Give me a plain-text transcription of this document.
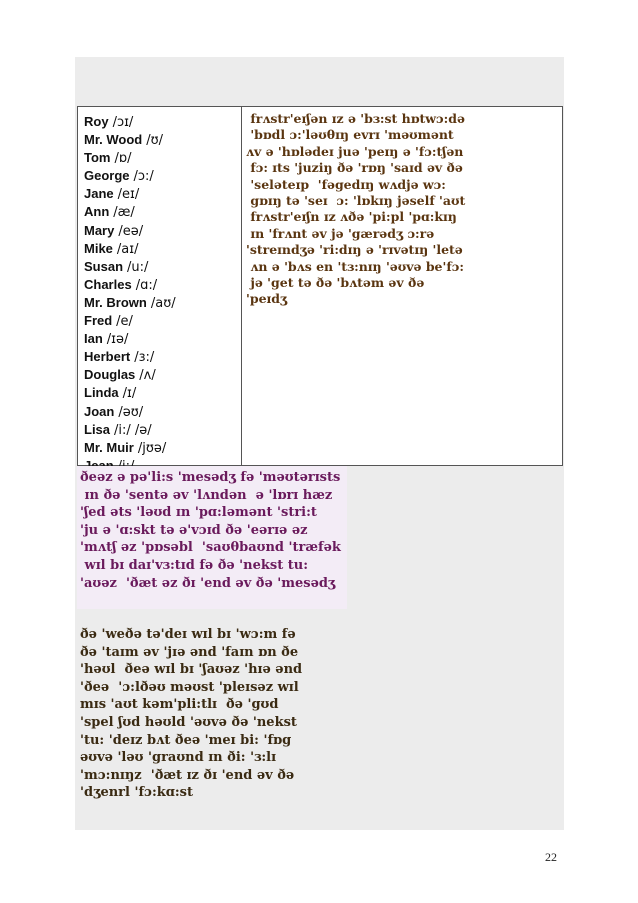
Roy /ɔɪ/
Mr. Wood /ʊ/
Tom /ɒ/
George /ɔ:/
Jane /eɪ/
Ann /æ/
Mary /eə/
Mike /aɪ/
Susan /u:/
Charles /ɑ:/
Mr. Brown /aʊ/
Fred /e/
Ian /ɪə/
Herbert /ɜ:/
Douglas /ʌ/
Linda /ɪ/
Joan /əʊ/
Lisa /i:/ /ə/
Mr. Muir /jʊə/
frʌstr'eɪʃən ɪz ə 'bɜ:st hɒtwɔ:də
'bɒdl ɔ:'ləʊθɪŋ evrɪ 'məʊmənt
ʌv ə 'hɒlədeɪ juə 'peɪŋ ə 'fɔ:tʃən
fɔ: ɪts 'juziŋ ðə 'rɒŋ 'saɪd əv ðə
'seləteɪp  'fəgedɪŋ wʌdjə wɔ:
gɒɪŋ tə 'seɪ  ɔ: 'lɒkɪŋ jəself 'aʊt
frʌstr'eɪʃn ɪz ʌðə 'pi:pl 'pɑ:kɪŋ
ɪn 'frʌnt əv jə 'gærədʒ ɔ:rə
'streɪndʒə 'ri:dɪŋ ə 'rɪvətɪŋ 'letə
ʌn ə 'bʌs en 'tɜ:nɪŋ 'əʊvə be'fɔ:
jə 'get tə ðə 'bʌtəm əv ðə
'peɪdʒ
ðeəz ə pə'li:s 'mesədʒ fə 'məʊtərɪsts
ɪn ðə 'sentə əv 'lʌndən  ə 'lɒrɪ hæz
'ʃed əts 'ləʊd ɪn 'pɑ:ləmənt 'stri:t
'ju ə 'ɑ:skt tə ə'vɔɪd ðə 'eərɪə əz
'mʌtʃ əz 'pɒsəbl  'saʊθbaʊnd 'træfək
wɪl bɪ daɪ'vɜ:tɪd fə ðə 'nekst tu:
'aʊəz  'ðæt əz ðɪ 'end əv ðə 'mesədʒ
ðə 'weðə tə'deɪ wɪl bɪ 'wɔ:m fə
ðə 'taɪm əv 'jɪə ənd 'faɪn ɒn ðe
'həʊl  ðeə wɪl bɪ 'ʃaʊəz 'hɪə ənd
'ðeə  'ɔ:lðəʊ məʊst 'pleɪsəz wɪl
mɪs 'aʊt kəm'pli:tlɪ  ðə 'gʊd
'spel ʃʊd həʊld 'əʊvə ðə 'nekst
'tu: 'deɪz bʌt ðeə 'meɪ bi: 'fɒg
əʊvə 'ləʊ 'graʊnd ɪn ði: 'ɜ:lɪ
'mɔ:nɪŋz  'ðæt ɪz ðɪ 'end əv ðə
'dʒenrl 'fɔ:kɑ:st
22
